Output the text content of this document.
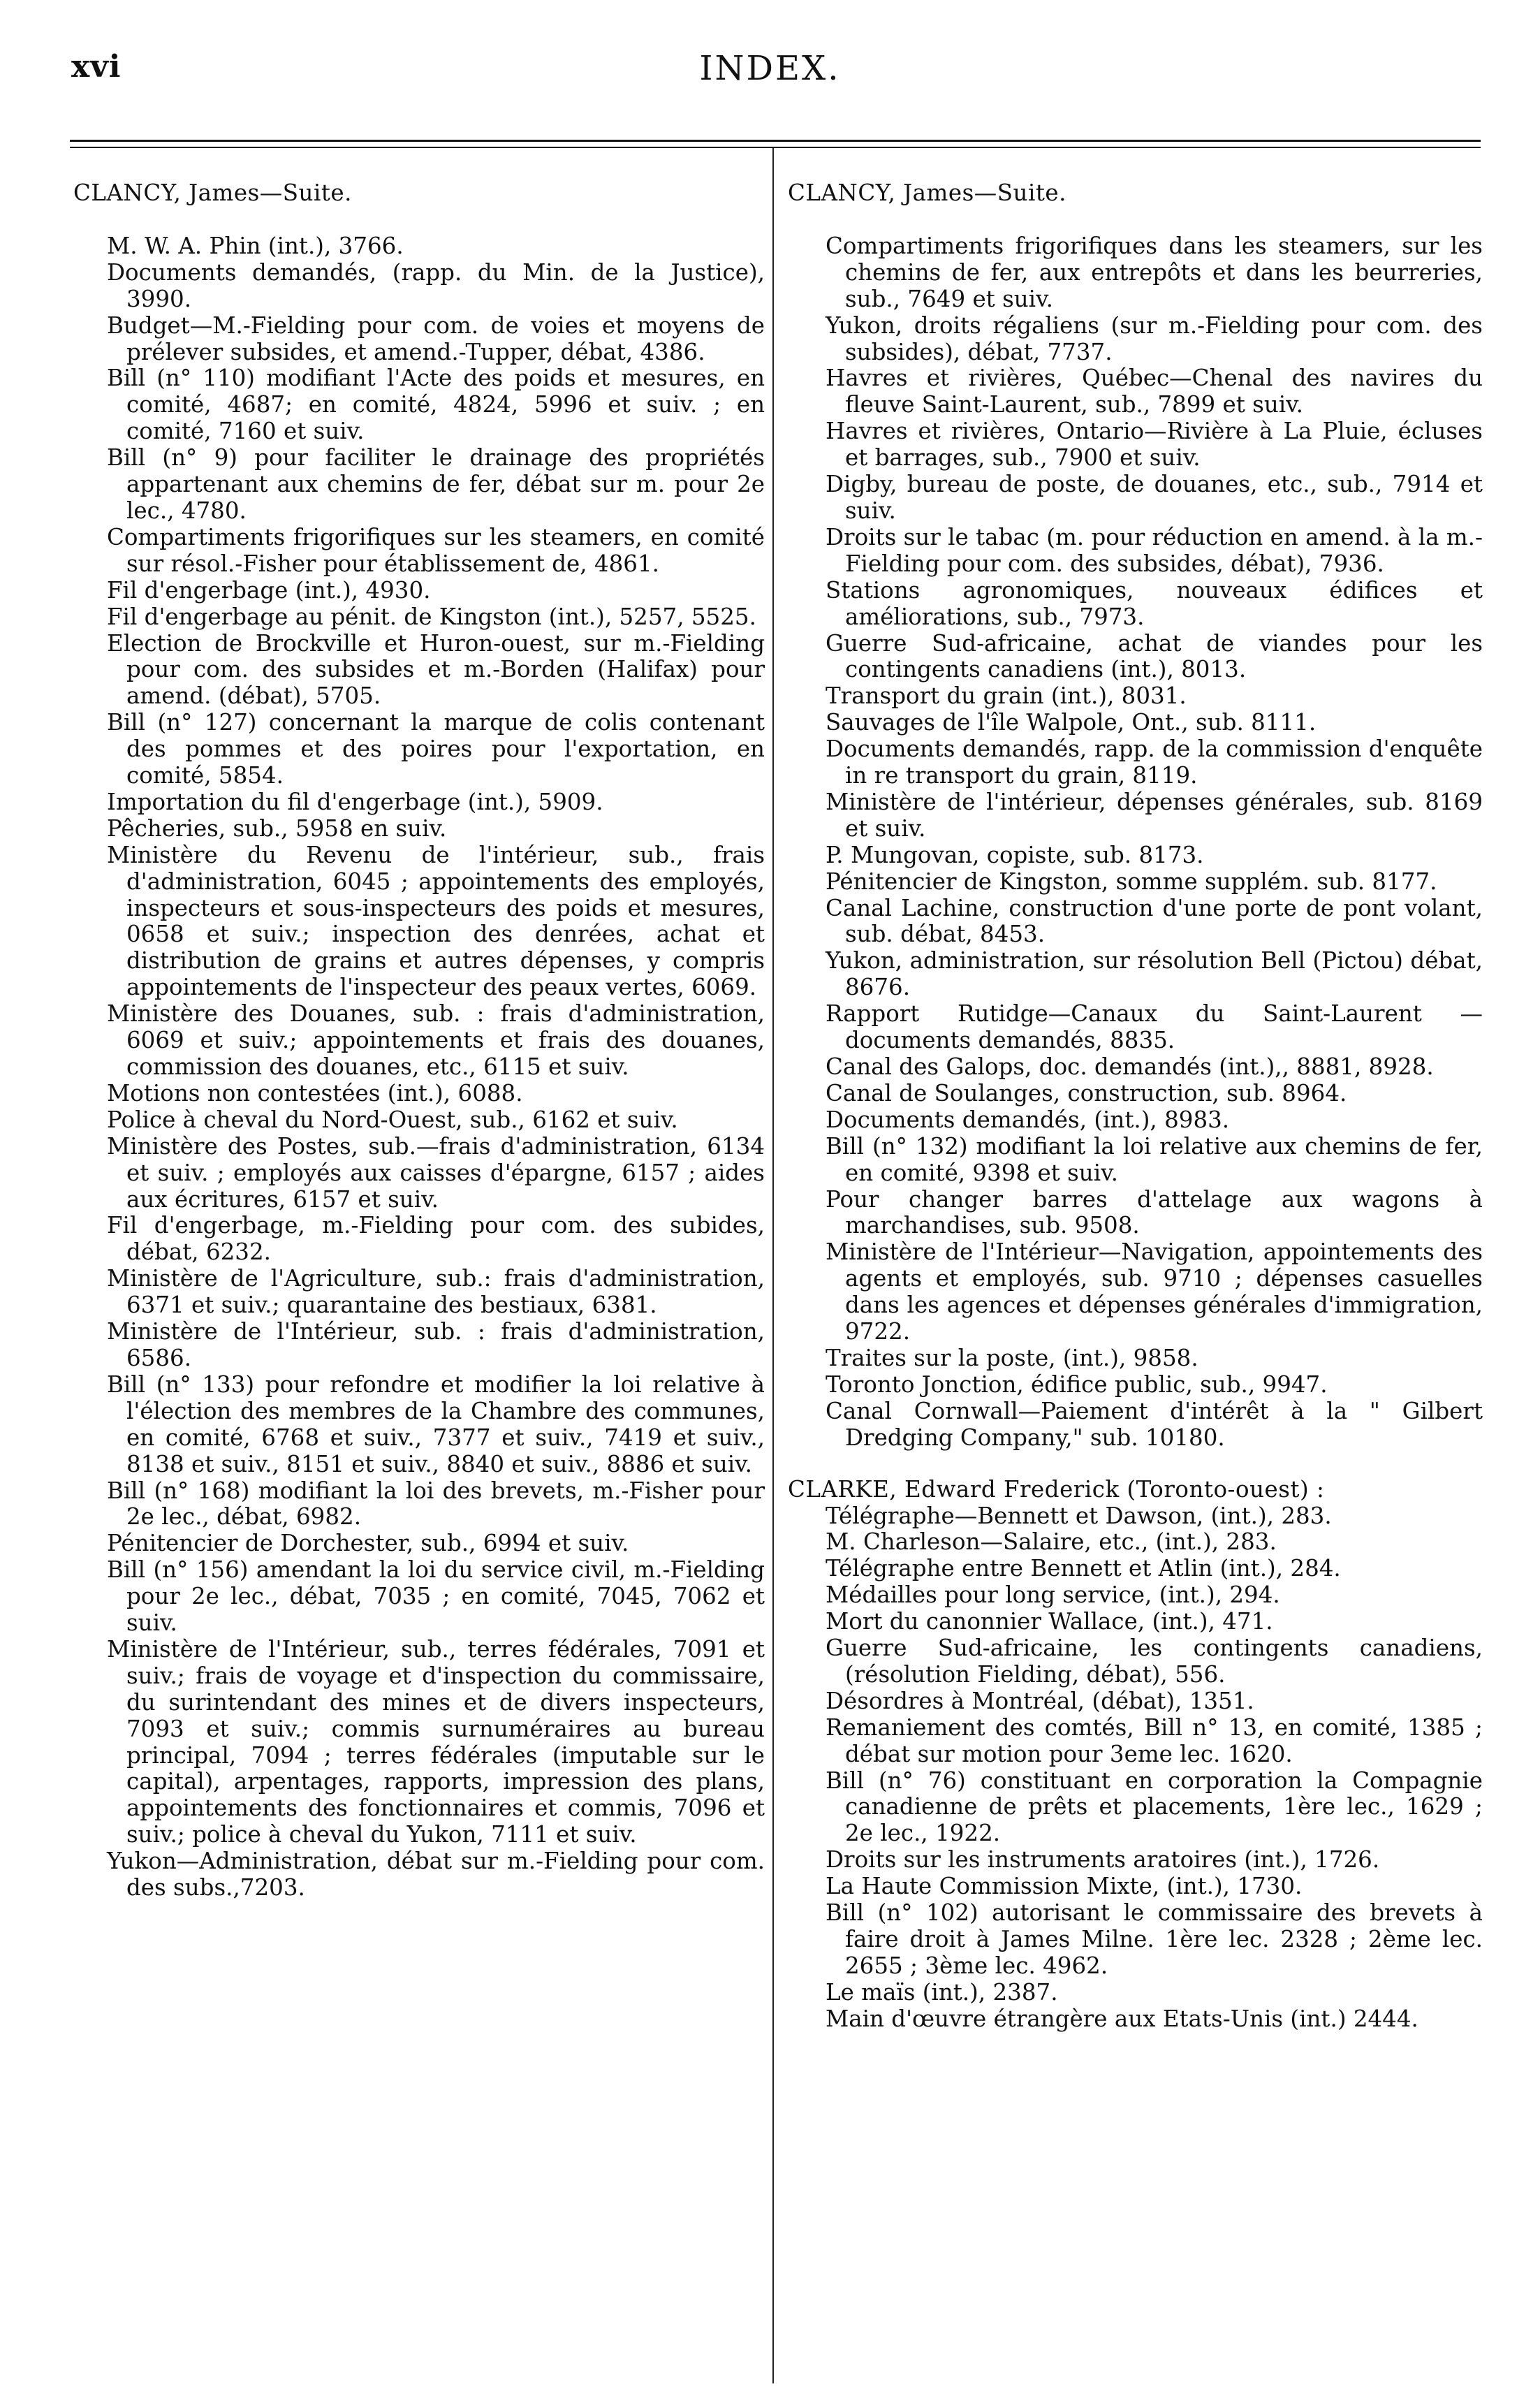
xvi	INDEX.
CLANCY, James—Suite.

M. W. A. Phin (int.), 3766.

Documents demandés, (rapp. du Min. de la Justice), 3990.

Budget—M.-Fielding pour com. de voies et moyens de prélever subsides, et amend.-Tupper, débat, 4386.

Bill (n° 110) modifiant l'Acte des poids et mesures, en comité, 4687; en comité, 4824, 5996 et suiv. ; en comité, 7160 et suiv.

Bill (n° 9) pour faciliter le drainage des propriétés appartenant aux chemins de fer, débat sur m. pour 2e lec., 4780.

Compartiments frigorifiques sur les steamers, en comité sur résol.-Fisher pour établissement de, 4861.

Fil d'engerbage (int.), 4930.

Fil d'engerbage au pénit. de Kingston (int.), 5257, 5525.

Election de Brockville et Huron-ouest, sur m.-Fielding pour com. des subsides et m.-Borden (Halifax) pour amend. (débat), 5705.

Bill (n° 127) concernant la marque de colis contenant des pommes et des poires pour l'exportation, en comité, 5854.

Importation du fil d'engerbage (int.), 5909.

Pêcheries, sub., 5958 en suiv.

Ministère du Revenu de l'intérieur, sub., frais d'administration, 6045 ; appointements des employés, inspecteurs et sous-inspecteurs des poids et mesures, 0658 et suiv.; inspection des denrées, achat et distribution de grains et autres dépenses, y compris appointements de l'inspecteur des peaux vertes, 6069.

Ministère des Douanes, sub. : frais d'administration, 6069 et suiv.; appointements et frais des douanes, commission des douanes, etc., 6115 et suiv.

Motions non contestées (int.), 6088.

Police à cheval du Nord-Ouest, sub., 6162 et suiv.

Ministère des Postes, sub.—frais d'administration, 6134 et suiv. ; employés aux caisses d'épargne, 6157 ; aides aux écritures, 6157 et suiv.

Fil d'engerbage, m.-Fielding pour com. des subides, débat, 6232.

Ministère de l'Agriculture, sub.: frais d'administration, 6371 et suiv.; quarantaine des bestiaux, 6381.

Ministère de l'Intérieur, sub. : frais d'administration, 6586.

Bill (n° 133) pour refondre et modifier la loi relative à l'élection des membres de la Chambre des communes, en comité, 6768 et suiv., 7377 et suiv., 7419 et suiv., 8138 et suiv., 8151 et suiv., 8840 et suiv., 8886 et suiv.

Bill (n° 168) modifiant la loi des brevets, m.-Fisher pour 2e lec., débat, 6982.

Pénitencier de Dorchester, sub., 6994 et suiv.

Bill (n° 156) amendant la loi du service civil, m.-Fielding pour 2e lec., débat, 7035 ; en comité, 7045, 7062 et suiv.

Ministère de l'Intérieur, sub., terres fédérales, 7091 et suiv.; frais de voyage et d'inspection du commissaire, du surintendant des mines et de divers inspecteurs, 7093 et suiv.; commis surnuméraires au bureau principal, 7094 ; terres fédérales (imputable sur le capital), arpentages, rapports, impression des plans, appointements des fonctionnaires et commis, 7096 et suiv.; police à cheval du Yukon, 7111 et suiv.

Yukon—Administration, débat sur m.-Fielding pour com. des subs.,7203.

CLANCY, James—Suite.

Compartiments frigorifiques dans les steamers, sur les chemins de fer, aux entrepôts et dans les beurreries, sub., 7649 et suiv.

Yukon, droits régaliens (sur m.-Fielding pour com. des subsides), débat, 7737.

Havres et rivières, Québec—Chenal des navires du fleuve Saint-Laurent, sub., 7899 et suiv.

Havres et rivières, Ontario—Rivière à La Pluie, écluses et barrages, sub., 7900 et suiv.

Digby, bureau de poste, de douanes, etc., sub., 7914 et suiv.

Droits sur le tabac (m. pour réduction en amend. à la m.-Fielding pour com. des subsides, débat), 7936.

Stations agronomiques, nouveaux édifices et améliorations, sub., 7973.

Guerre Sud-africaine, achat de viandes pour les contingents canadiens (int.), 8013.

Transport du grain (int.), 8031.

Sauvages de l'île Walpole, Ont., sub. 8111.

Documents demandés, rapp. de la commission d'enquête in re transport du grain, 8119.

Ministère de l'intérieur, dépenses générales, sub. 8169 et suiv.

P. Mungovan, copiste, sub. 8173.

Pénitencier de Kingston, somme supplém. sub. 8177.

Canal Lachine, construction d'une porte de pont volant, sub. débat, 8453.

Yukon, administration, sur résolution Bell (Pictou) débat, 8676.

Rapport Rutidge—Canaux du Saint-Laurent —documents demandés, 8835.

Canal des Galops, doc. demandés (int.),, 8881, 8928.

Canal de Soulanges, construction, sub. 8964.

Documents demandés, (int.), 8983.

Bill (n° 132) modifiant la loi relative aux chemins de fer, en comité, 9398 et suiv.

Pour changer barres d'attelage aux wagons à marchandises, sub. 9508.

Ministère de l'Intérieur—Navigation, appointements des agents et employés, sub. 9710 ; dépenses casuelles dans les agences et dépenses générales d'immigration, 9722.

Traites sur la poste, (int.), 9858.

Toronto Jonction, édifice public, sub., 9947.

Canal Cornwall—Paiement d'intérêt à la " Gilbert Dredging Company," sub. 10180.

CLARKE, Edward Frederick (Toronto-ouest) :

Télégraphe—Bennett et Dawson, (int.), 283.

M. Charleson—Salaire, etc., (int.), 283.

Télégraphe entre Bennett et Atlin (int.), 284.

Médailles pour long service, (int.), 294.

Mort du canonnier Wallace, (int.), 471.

Guerre Sud-africaine, les contingents canadiens, (résolution Fielding, débat), 556.

Désordres à Montréal, (débat), 1351.

Remaniement des comtés, Bill n° 13, en comité, 1385 ; débat sur motion pour 3eme lec. 1620.

Bill (n° 76) constituant en corporation la Compagnie canadienne de prêts et placements, 1ère lec., 1629 ; 2e lec., 1922.

Droits sur les instruments aratoires (int.), 1726.

La Haute Commission Mixte, (int.), 1730.

Bill (n° 102) autorisant le commissaire des brevets à faire droit à James Milne. 1ère lec. 2328 ; 2ème lec. 2655 ; 3ème lec. 4962.

Le maïs (int.), 2387.

Main d'œuvre étrangère aux Etats-Unis (int.) 2444.
